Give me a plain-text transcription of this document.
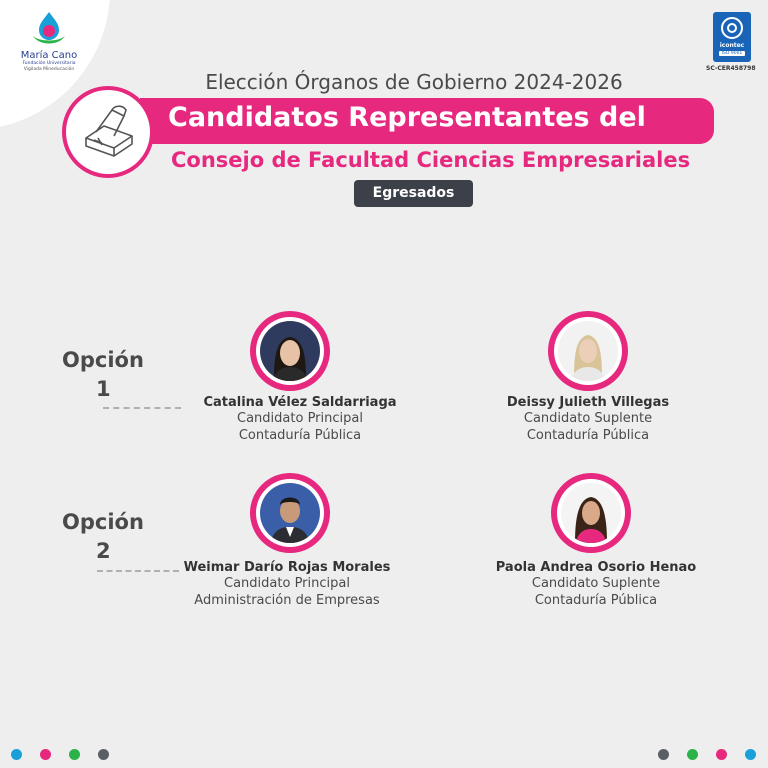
María Cano
Fundación Universitaria
Vigilada Mineducación
icontec
ISO 9001
SC-CER458798
Elección Órganos de Gobierno 2024-2026
Candidatos Representantes del
Consejo de Facultad Ciencias Empresariales
Egresados
Opción
1
Catalina Vélez Saldarriaga
Candidato Principal
Contaduría Pública
Deissy Julieth Villegas
Candidato Suplente
Contaduría Pública
Opción
2
Weimar Darío Rojas Morales
Candidato Principal
Administración de Empresas
Paola Andrea Osorio Henao
Candidato Suplente
Contaduría Pública
